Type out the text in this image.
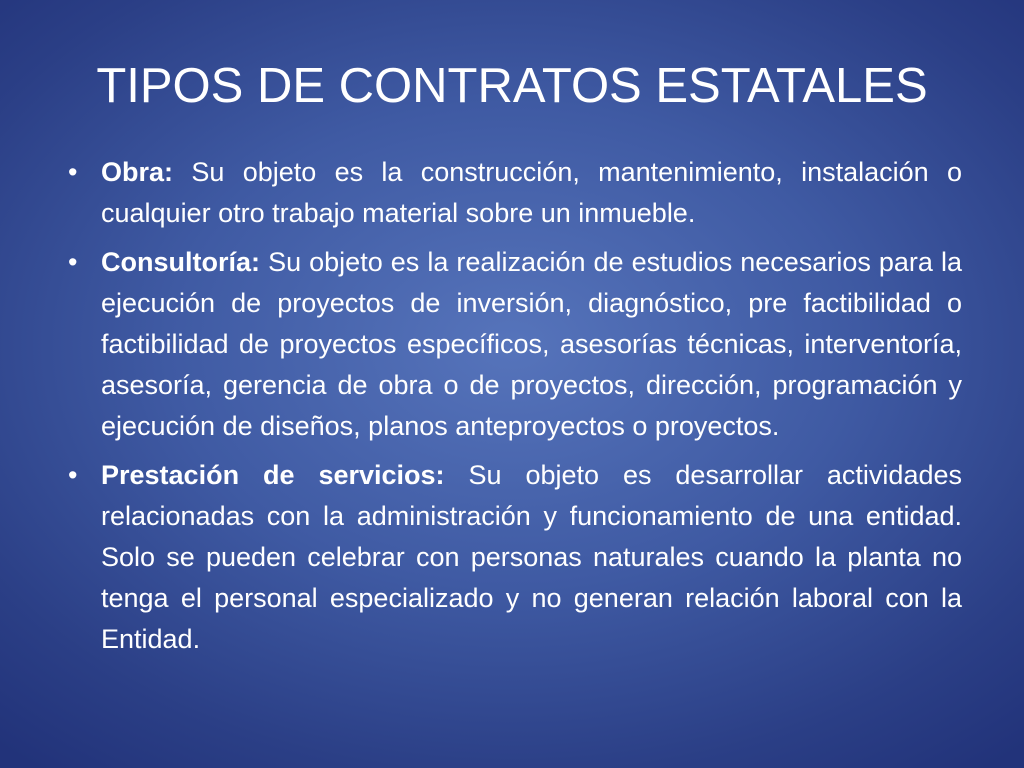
TIPOS DE CONTRATOS ESTATALES
• Obra: Su objeto es la construcción, mantenimiento, instalación o cualquier otro trabajo material sobre un inmueble.
• Consultoría: Su objeto es la realización de estudios necesarios para la ejecución de proyectos de inversión, diagnóstico, pre factibilidad o factibilidad de proyectos específicos, asesorías técnicas, interventoría, asesoría, gerencia de obra o de proyectos, dirección, programación y ejecución de diseños, planos anteproyectos o proyectos.
• Prestación de servicios: Su objeto es desarrollar actividades relacionadas con la administración y funcionamiento de una entidad. Solo se pueden celebrar con personas naturales cuando la planta no tenga el personal especializado y no generan relación laboral con la Entidad.
